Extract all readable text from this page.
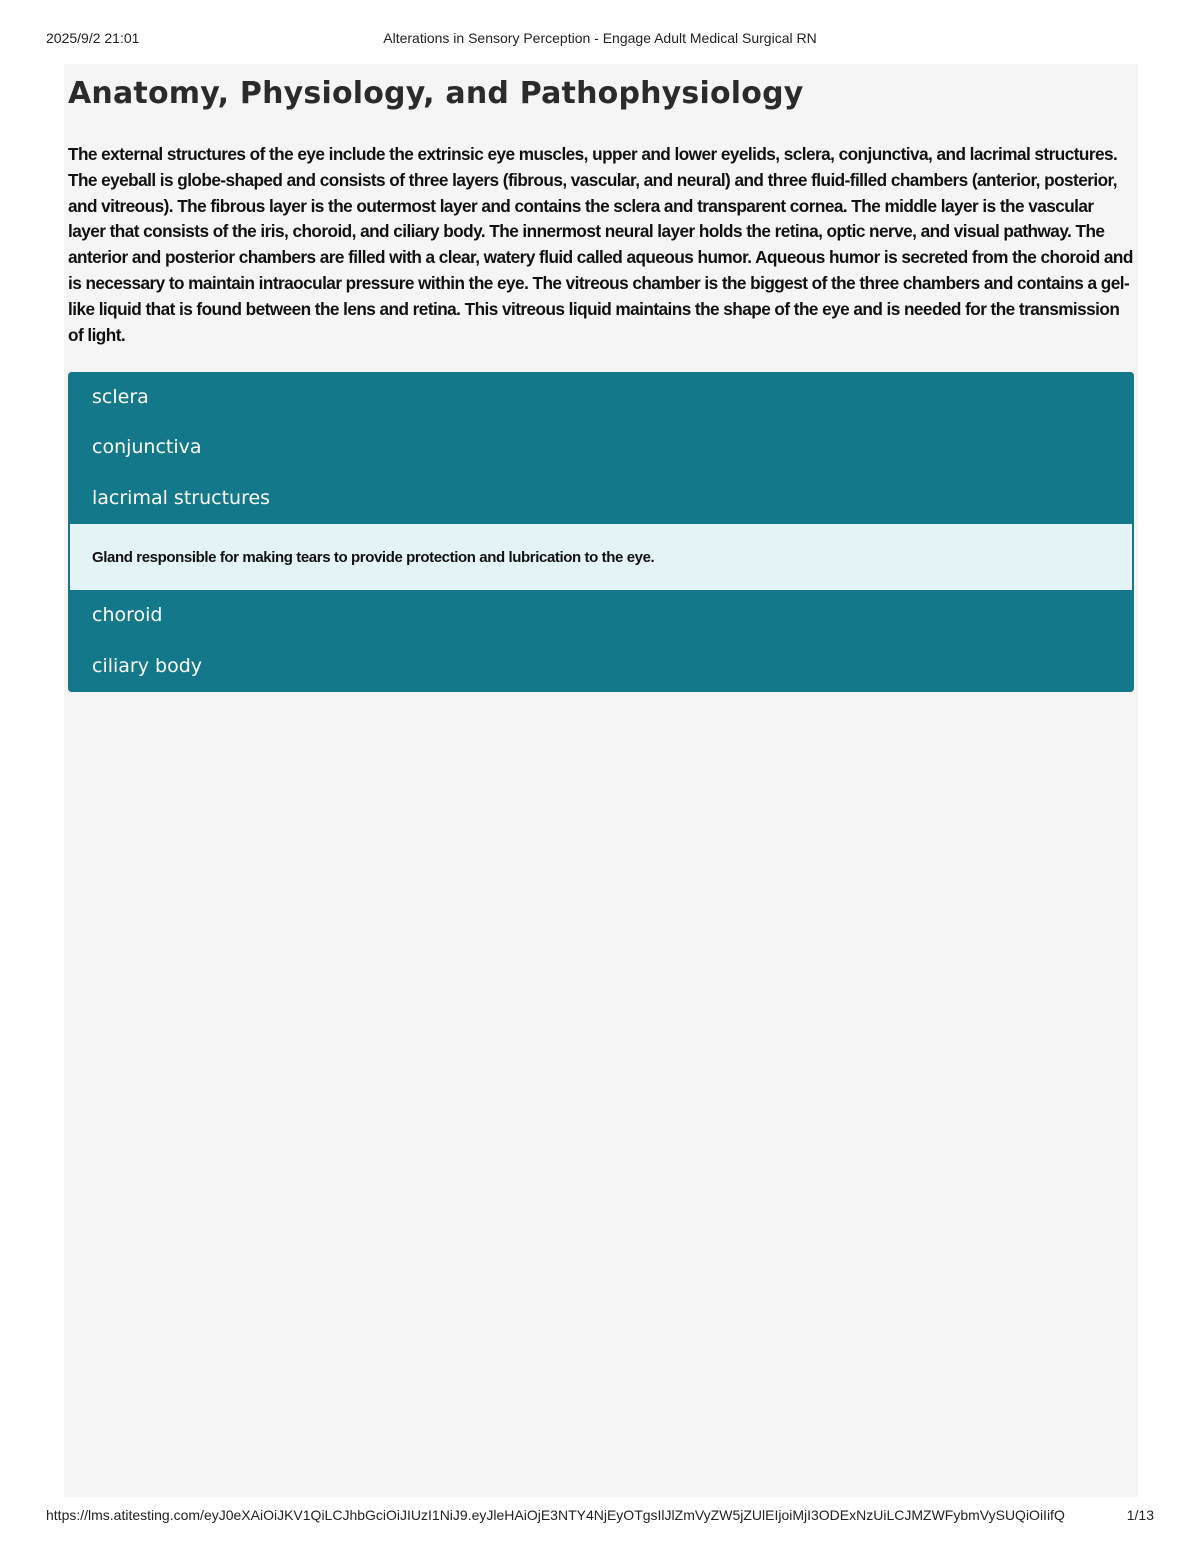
2025/9/2 21:01	Alterations in Sensory Perception - Engage Adult Medical Surgical RN
Anatomy, Physiology, and Pathophysiology

The external structures of the eye include the extrinsic eye muscles, upper and lower eyelids, sclera, conjunctiva, and lacrimal structures. The eyeball is globe-shaped and consists of three layers (fibrous, vascular, and neural) and three fluid-filled chambers (anterior, posterior, and vitreous). The fibrous layer is the outermost layer and contains the sclera and transparent cornea. The middle layer is the vascular layer that consists of the iris, choroid, and ciliary body. The innermost neural layer holds the retina, optic nerve, and visual pathway. The anterior and posterior chambers are filled with a clear, watery fluid called aqueous humor. Aqueous humor is secreted from the choroid and is necessary to maintain intraocular pressure within the eye. The vitreous chamber is the biggest of the three chambers and contains a gel-like liquid that is found between the lens and retina. This vitreous liquid maintains the shape of the eye and is needed for the transmission of light.

sclera
conjunctiva
lacrimal structures
Gland responsible for making tears to provide protection and lubrication to the eye.
choroid
ciliary body
https://lms.atitesting.com/eyJ0eXAiOiJKV1QiLCJhbGciOiJIUzI1NiJ9.eyJleHAiOjE3NTY4NjEyOTgsIlJlZmVyZW5jZUlEIjoiMjI3ODExNzUiLCJMZWFybmVySUQiOiIifQ	1/13
